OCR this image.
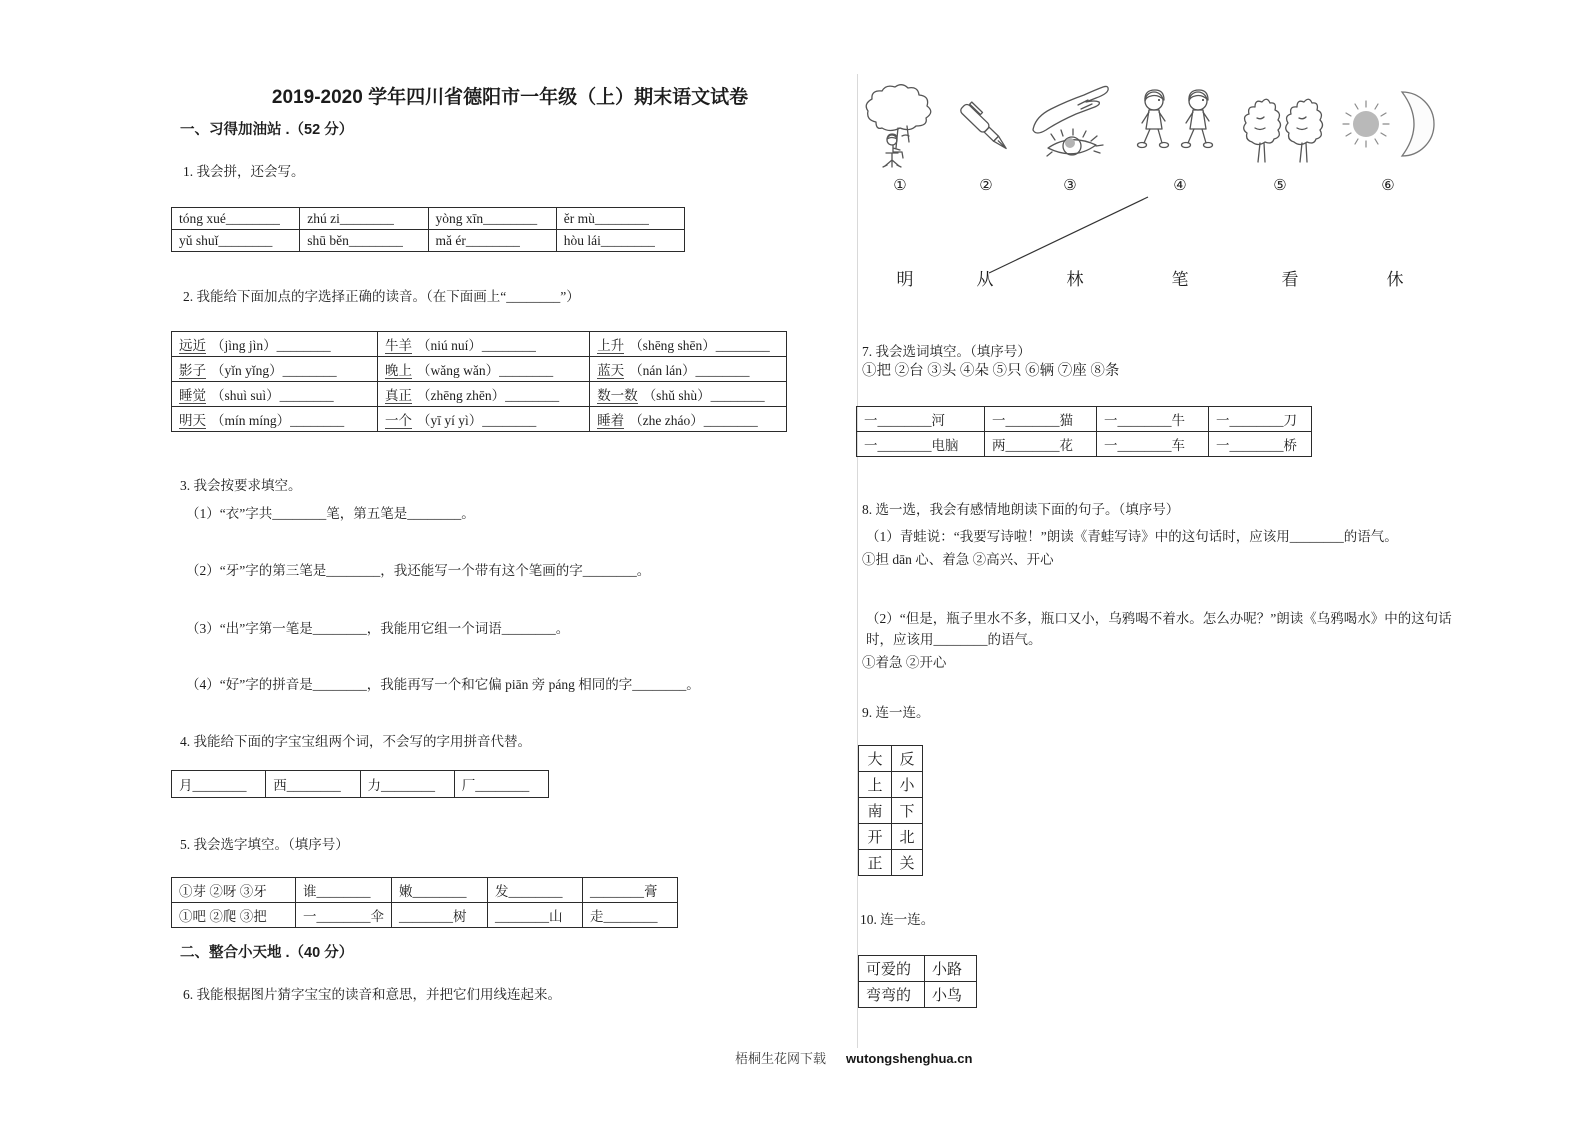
2019-2020 学年四川省德阳市一年级（上）期末语文试卷
一、习得加油站 .（52 分）
1. 我会拼，还会写。
tóng xué________	zhú zi________	yòng xīn________	ěr mù________
yǔ shuǐ________	shū běn________	mǎ ér________	hòu lái________
2. 我能给下面加点的字选择正确的读音。（在下面画上“________”）
远近 （jìng jìn）________	牛羊 （niú nuí）________	上升 （shēng shēn）________
影子 （yǐn yǐng）________	晚上 （wǎng wǎn）________	蓝天 （nán lán）________
睡觉 （shuì suì）________	真正 （zhēng zhēn）________	数一数 （shǔ shù）________
明天 （mín míng）________	一个 （yī yí yì）________	睡着 （zhe zháo）________
3. 我会按要求填空。
（1）“衣”字共________笔，第五笔是________。
（2）“牙”字的第三笔是________，我还能写一个带有这个笔画的字________。
（3）“出”字第一笔是________，我能用它组一个词语________。
（4）“好”字的拼音是________，我能再写一个和它偏 piān 旁 páng 相同的字________。
4. 我能给下面的字宝宝组两个词，不会写的字用拼音代替。
月________	西________	力________	厂________
5. 我会选字填空。（填序号）
①芽 ②呀 ③牙	谁________	嫩________	发________	________膏
①吧 ②爬 ③把	一________伞	________树	________山	走________
二、整合小天地 .（40 分）
6. 我能根据图片猜字宝宝的读音和意思，并把它们用线连起来。
①	②	③	④	⑤	⑥
明	从	林	笔	看	休
7. 我会选词填空。（填序号）
①把 ②台 ③头 ④朵 ⑤只 ⑥辆 ⑦座 ⑧条
一________河	一________猫	一________牛	一________刀
一________电脑	两________花	一________车	一________桥
8. 选一选，我会有感情地朗读下面的句子。（填序号）
（1）青蛙说：“我要写诗啦！”朗读《青蛙写诗》中的这句话时，应该用________的语气。
①担 dān 心、着急 ②高兴、开心
（2）“但是，瓶子里水不多，瓶口又小，乌鸦喝不着水。怎么办呢？”朗读《乌鸦喝水》中的这句话时，应该用________的语气。
①着急 ②开心
9. 连一连。
大	反
上	小
南	下
开	北
正	关
10. 连一连。
可爱的	小路
弯弯的	小鸟
梧桐生花网下载 wutongshenghua.cn
